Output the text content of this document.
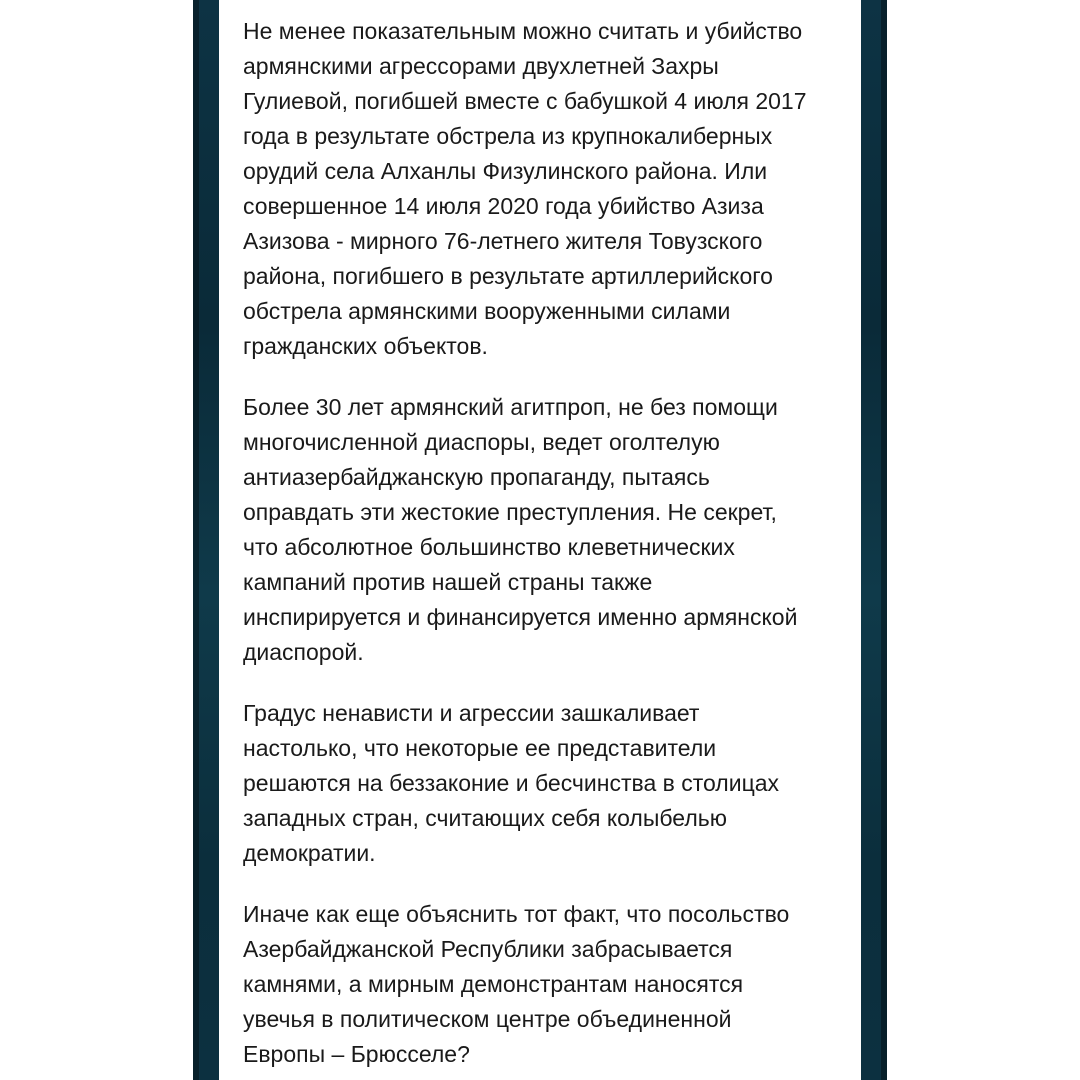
Не менее показательным можно считать и убийство
армянскими агрессорами двухлетней Захры
Гулиевой, погибшей вместе с бабушкой 4 июля 2017
года в результате обстрела из крупнокалиберных
орудий села Алханлы Физулинского района. Или
совершенное 14 июля 2020 года убийство Азиза
Азизова - мирного 76-летнего жителя Товузского
района, погибшего в результате артиллерийского
обстрела армянскими вооруженными силами
гражданских объектов.

Более 30 лет армянский агитпроп, не без помощи
многочисленной диаспоры, ведет оголтелую
антиазербайджанскую пропаганду, пытаясь
оправдать эти жестокие преступления. Не секрет,
что абсолютное большинство клеветнических
кампаний против нашей страны также
инспирируется и финансируется именно армянской
диаспорой.

Градус ненависти и агрессии зашкаливает
настолько, что некоторые ее представители
решаются на беззаконие и бесчинства в столицах
западных стран, считающих себя колыбелью
демократии.

Иначе как еще объяснить тот факт, что посольство
Азербайджанской Республики забрасывается
камнями, а мирным демонстрантам наносятся
увечья в политическом центре объединенной
Европы – Брюсселе?
